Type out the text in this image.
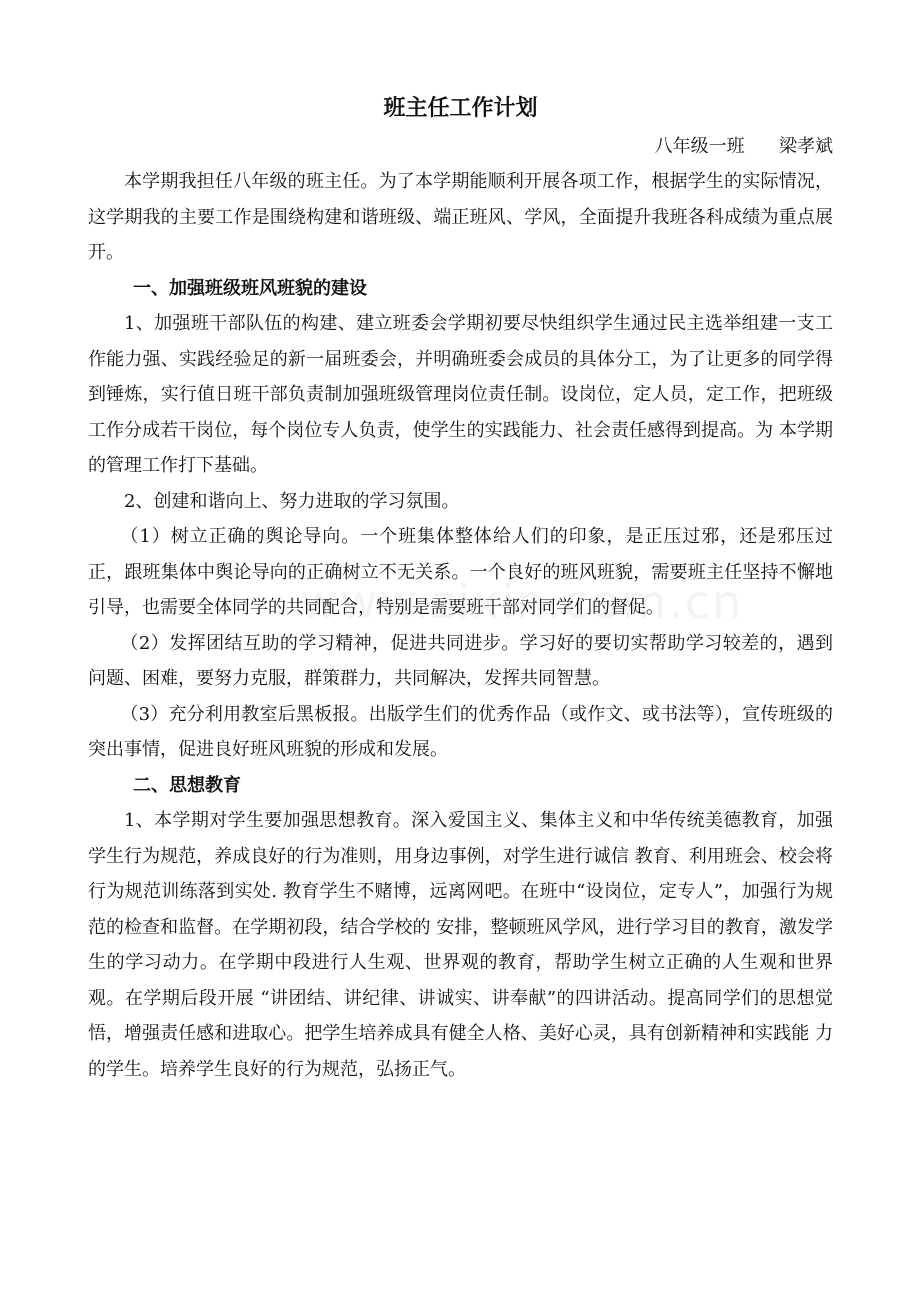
班主任工作计划
八年级一班      梁孝斌

本学期我担任八年级的班主任。为了本学期能顺利开展各项工作，根据学生的实际情况，这学期我的主要工作是围绕构建和谐班级、端正班风、学风，全面提升我班各科成绩为重点展开。

一、加强班级班风班貌的建设

1、加强班干部队伍的构建、建立班委会学期初要尽快组织学生通过民主选举组建一支工作能力强、实践经验足的新一届班委会，并明确班委会成员的具体分工，为了让更多的同学得到锤炼，实行值日班干部负责制加强班级管理岗位责任制。设岗位，定人员，定工作，把班级工作分成若干岗位，每个岗位专人负责，使学生的实践能力、社会责任感得到提高。为 本学期的管理工作打下基础。

2、创建和谐向上、努力进取的学习氛围。

（1）树立正确的舆论导向。一个班集体整体给人们的印象，是正压过邪，还是邪压过正，跟班集体中舆论导向的正确树立不无关系。一个良好的班风班貌，需要班主任坚持不懈地引导，也需要全体同学的共同配合，特别是需要班干部对同学们的督促。

（2）发挥团结互助的学习精神，促进共同进步。学习好的要切实帮助学习较差的，遇到问题、困难，要努力克服，群策群力，共同解决，发挥共同智慧。

（3）充分利用教室后黑板报。出版学生们的优秀作品（或作文、或书法等），宣传班级的突出事情，促进良好班风班貌的形成和发展。

二、思想教育

1、本学期对学生要加强思想教育。深入爱国主义、集体主义和中华传统美德教育，加强学生行为规范，养成良好的行为准则，用身边事例，对学生进行诚信 教育、利用班会、校会将行为规范训练落到实处. 教育学生不赌博，远离网吧。在班中“设岗位，定专人”，加强行为规范的检查和监督。在学期初段，结合学校的 安排，整顿班风学风，进行学习目的教育，激发学生的学习动力。在学期中段进行人生观、世界观的教育，帮助学生树立正确的人生观和世界观。在学期后段开展 “讲团结、讲纪律、讲诚实、讲奉献”的四讲活动。提高同学们的思想觉悟，增强责任感和进取心。把学生培养成具有健全人格、美好心灵，具有创新精神和实践能 力的学生。培养学生良好的行为规范，弘扬正气。
